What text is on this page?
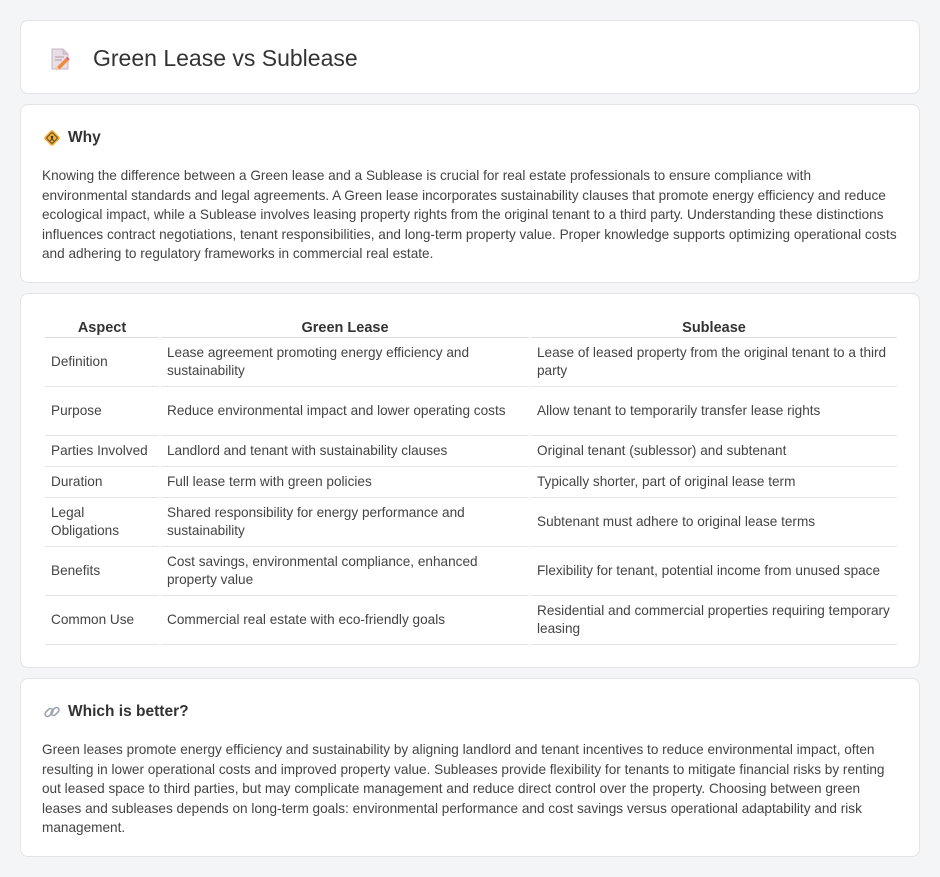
Green Lease vs Sublease
Why

Knowing the difference between a Green lease and a Sublease is crucial for real estate professionals to ensure compliance with environmental standards and legal agreements. A Green lease incorporates sustainability clauses that promote energy efficiency and reduce ecological impact, while a Sublease involves leasing property rights from the original tenant to a third party. Understanding these distinctions influences contract negotiations, tenant responsibilities, and long-term property value. Proper knowledge supports optimizing operational costs and adhering to regulatory frameworks in commercial real estate.

Aspect	Green Lease	Sublease
Definition	Lease agreement promoting energy efficiency and sustainability	Lease of leased property from the original tenant to a third party
Purpose	Reduce environmental impact and lower operating costs	Allow tenant to temporarily transfer lease rights
Parties Involved	Landlord and tenant with sustainability clauses	Original tenant (sublessor) and subtenant
Duration	Full lease term with green policies	Typically shorter, part of original lease term
Legal Obligations	Shared responsibility for energy performance and sustainability	Subtenant must adhere to original lease terms
Benefits	Cost savings, environmental compliance, enhanced property value	Flexibility for tenant, potential income from unused space
Common Use	Commercial real estate with eco-friendly goals	Residential and commercial properties requiring temporary leasing
Which is better?

Green leases promote energy efficiency and sustainability by aligning landlord and tenant incentives to reduce environmental impact, often resulting in lower operational costs and improved property value. Subleases provide flexibility for tenants to mitigate financial risks by renting out leased space to third parties, but may complicate management and reduce direct control over the property. Choosing between green leases and subleases depends on long-term goals: environmental performance and cost savings versus operational adaptability and risk management.
